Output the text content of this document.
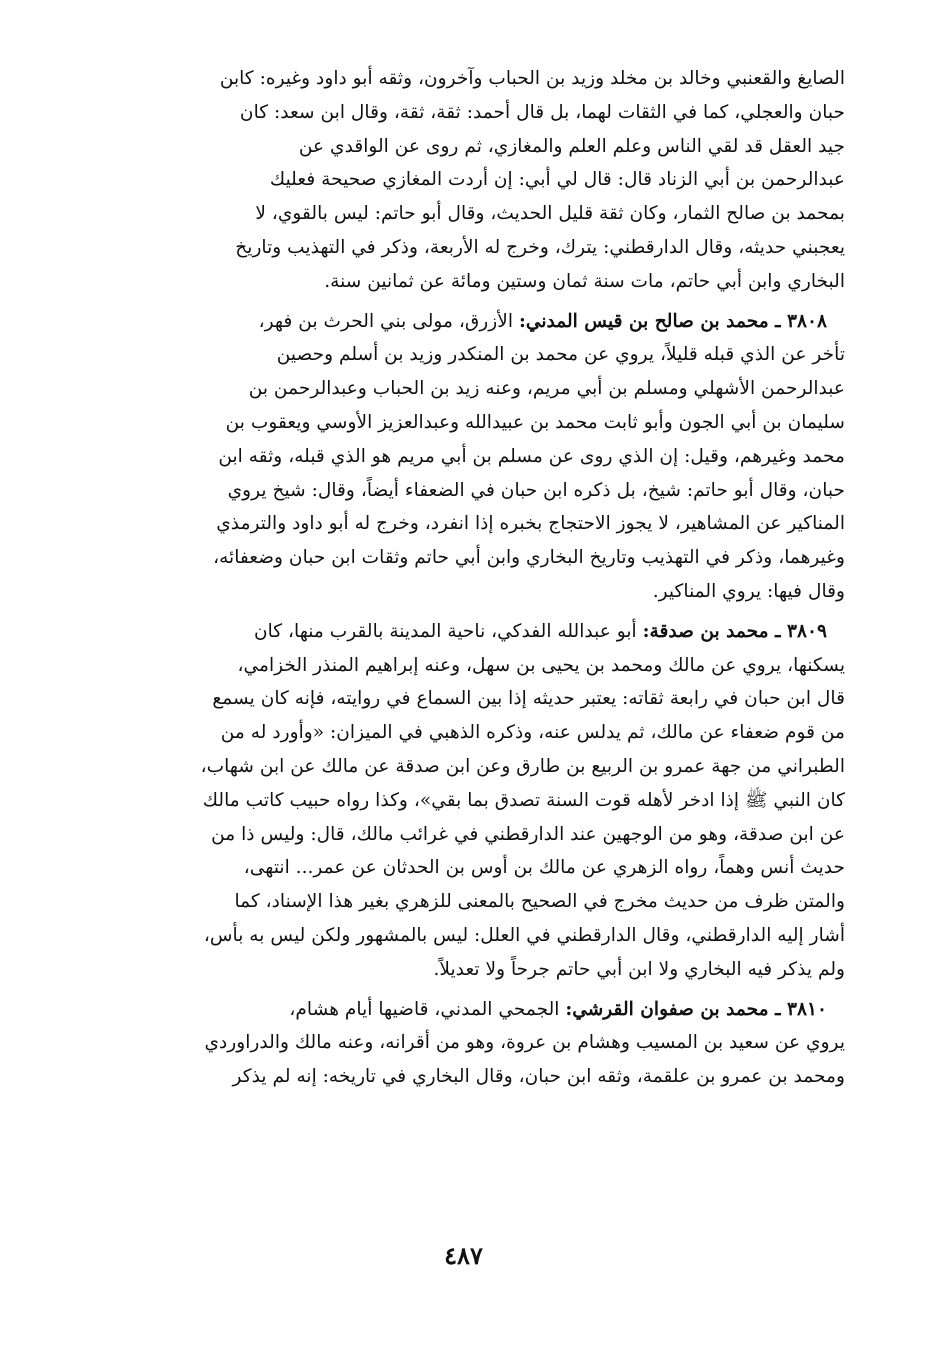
الصايغ والقعنبي وخالد بن مخلد وزيد بن الحباب وآخرون، وثقه أبو داود وغيره: كابن
حبان والعجلي، كما في الثقات لهما، بل قال أحمد: ثقة، ثقة، وقال ابن سعد: كان
جيد العقل قد لقي الناس وعلم العلم والمغازي، ثم روى عن الواقدي عن
عبدالرحمن بن أبي الزناد قال: قال لي أبي: إن أردت المغازي صحيحة فعليك
بمحمد بن صالح الثمار، وكان ثقة قليل الحديث، وقال أبو حاتم: ليس بالقوي، لا
يعجبني حديثه، وقال الدارقطني: يترك، وخرج له الأربعة، وذكر في التهذيب وتاريخ
البخاري وابن أبي حاتم، مات سنة ثمان وستين ومائة عن ثمانين سنة.

٣٨٠٨ ـ محمد بن صالح بن قيس المدني: الأزرق، مولى بني الحرث بن فهر،
تأخر عن الذي قبله قليلاً، يروي عن محمد بن المنكدر وزيد بن أسلم وحصين
عبدالرحمن الأشهلي ومسلم بن أبي مريم، وعنه زيد بن الحباب وعبدالرحمن بن
سليمان بن أبي الجون وأبو ثابت محمد بن عبيدالله وعبدالعزيز الأوسي ويعقوب بن
محمد وغيرهم، وقيل: إن الذي روى عن مسلم بن أبي مريم هو الذي قبله، وثقه ابن
حبان، وقال أبو حاتم: شيخ، بل ذكره ابن حبان في الضعفاء أيضاً، وقال: شيخ يروي
المناكير عن المشاهير، لا يجوز الاحتجاج بخبره إذا انفرد، وخرج له أبو داود والترمذي
وغيرهما، وذكر في التهذيب وتاريخ البخاري وابن أبي حاتم وثقات ابن حبان وضعفائه،
وقال فيها: يروي المناكير.

٣٨٠٩ ـ محمد بن صدقة: أبو عبدالله الفدكي، ناحية المدينة بالقرب منها، كان
يسكنها، يروي عن مالك ومحمد بن يحيى بن سهل، وعنه إبراهيم المنذر الخزامي،
قال ابن حبان في رابعة ثقاته: يعتبر حديثه إذا بين السماع في روايته، فإنه كان يسمع
من قوم ضعفاء عن مالك، ثم يدلس عنه، وذكره الذهبي في الميزان: «وأورد له من
الطبراني من جهة عمرو بن الربيع بن طارق وعن ابن صدقة عن مالك عن ابن شهاب،
كان النبي ﷺ إذا ادخر لأهله قوت السنة تصدق بما بقي»، وكذا رواه حبيب كاتب مالك
عن ابن صدقة، وهو من الوجهين عند الدارقطني في غرائب مالك، قال: وليس ذا من
حديث أنس وهماً، رواه الزهري عن مالك بن أوس بن الحدثان عن عمر... انتهى،
والمتن ظرف من حديث مخرج في الصحيح بالمعنى للزهري بغير هذا الإسناد، كما
أشار إليه الدارقطني، وقال الدارقطني في العلل: ليس بالمشهور ولكن ليس به بأس،
ولم يذكر فيه البخاري ولا ابن أبي حاتم جرحاً ولا تعديلاً.

٣٨١٠ ـ محمد بن صفوان القرشي: الجمحي المدني، قاضيها أيام هشام،
يروي عن سعيد بن المسيب وهشام بن عروة، وهو من أقرانه، وعنه مالك والدراوردي
ومحمد بن عمرو بن علقمة، وثقه ابن حبان، وقال البخاري في تاريخه: إنه لم يذكر

٤٨٧
